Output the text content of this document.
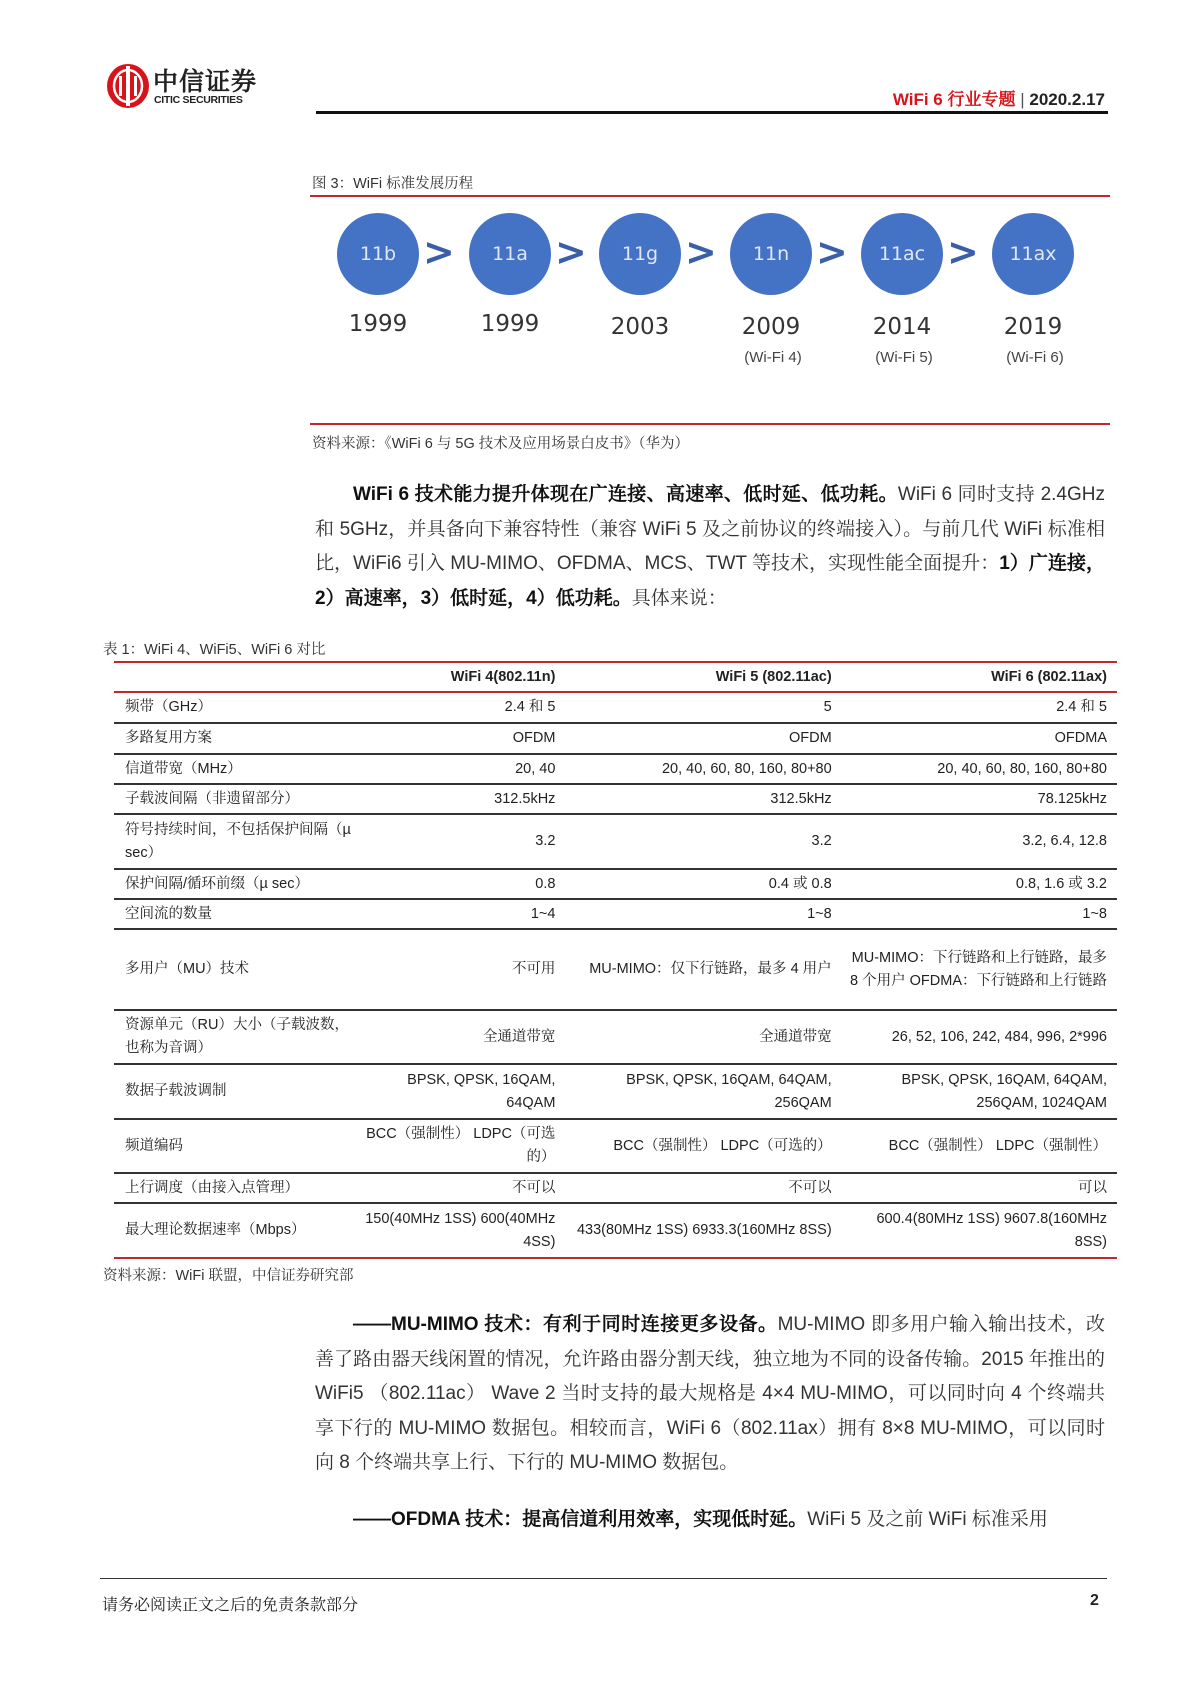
中信证券
CITIC SECURITIES	WiFi 6 行业专题 | 2020.2.17
图 3：WiFi 标准发展历程
11b
1999
>	11a
1999
>	11g
2003
>	11n
2009
(Wi-Fi 4)
>	11ac
2014
(Wi-Fi 5)
>	11ax
2019
(Wi-Fi 6)
资料来源：《WiFi 6 与 5G 技术及应用场景白皮书》（华为）
WiFi 6 技术能力提升体现在广连接、高速率、低时延、低功耗。WiFi 6 同时支持 2.4GHz 和 5GHz，并具备向下兼容特性（兼容 WiFi 5 及之前协议的终端接入）。与前几代 WiFi 标准相比，WiFi6 引入 MU-MIMO、OFDMA、MCS、TWT 等技术，实现性能全面提升：1）广连接，2）高速率，3）低时延，4）低功耗。具体来说：
表 1：WiFi 4、WiFi5、WiFi 6 对比
	WiFi 4(802.11n)	WiFi 5 (802.11ac)	WiFi 6 (802.11ax)
频带（GHz）	2.4 和 5	5	2.4 和 5
多路复用方案	OFDM	OFDM	OFDMA
信道带宽（MHz）	20, 40	20, 40, 60, 80, 160, 80+80	20, 40, 60, 80, 160, 80+80
子载波间隔（非遗留部分）	312.5kHz	312.5kHz	78.125kHz
符号持续时间，不包括保护间隔（µ sec）	3.2	3.2	3.2, 6.4, 12.8
保护间隔/循环前缀（µ sec）	0.8	0.4 或 0.8	0.8, 1.6 或 3.2
空间流的数量	1~4	1~8	1~8
多用户（MU）技术	不可用	MU-MIMO：仅下行链路，最多 4 用户	MU-MIMO：下行链路和上行链路，最多 8 个用户 OFDMA：下行链路和上行链路
资源单元（RU）大小（子载波数，也称为音调）	全通道带宽	全通道带宽	26, 52, 106, 242, 484, 996, 2*996
数据子载波调制	BPSK, QPSK, 16QAM, 64QAM	BPSK, QPSK, 16QAM, 64QAM, 256QAM	BPSK, QPSK, 16QAM, 64QAM, 256QAM, 1024QAM
频道编码	BCC（强制性） LDPC（可选的）	BCC（强制性） LDPC（可选的）	BCC（强制性） LDPC（强制性）
上行调度（由接入点管理）	不可以	不可以	可以
最大理论数据速率（Mbps）	150(40MHz 1SS) 600(40MHz 4SS)	433(80MHz 1SS) 6933.3(160MHz 8SS)	600.4(80MHz 1SS) 9607.8(160MHz 8SS)
资料来源：WiFi 联盟，中信证券研究部
——MU-MIMO 技术：有利于同时连接更多设备。MU-MIMO 即多用户输入输出技术，改善了路由器天线闲置的情况，允许路由器分割天线，独立地为不同的设备传输。2015 年推出的 WiFi5 （802.11ac） Wave 2 当时支持的最大规格是 4×4 MU-MIMO，可以同时向 4 个终端共享下行的 MU-MIMO 数据包。相较而言，WiFi 6（802.11ax）拥有 8×8 MU-MIMO，可以同时向 8 个终端共享上行、下行的 MU-MIMO 数据包。
——OFDMA 技术：提高信道利用效率，实现低时延。WiFi 5 及之前 WiFi 标准采用
请务必阅读正文之后的免责条款部分	2
